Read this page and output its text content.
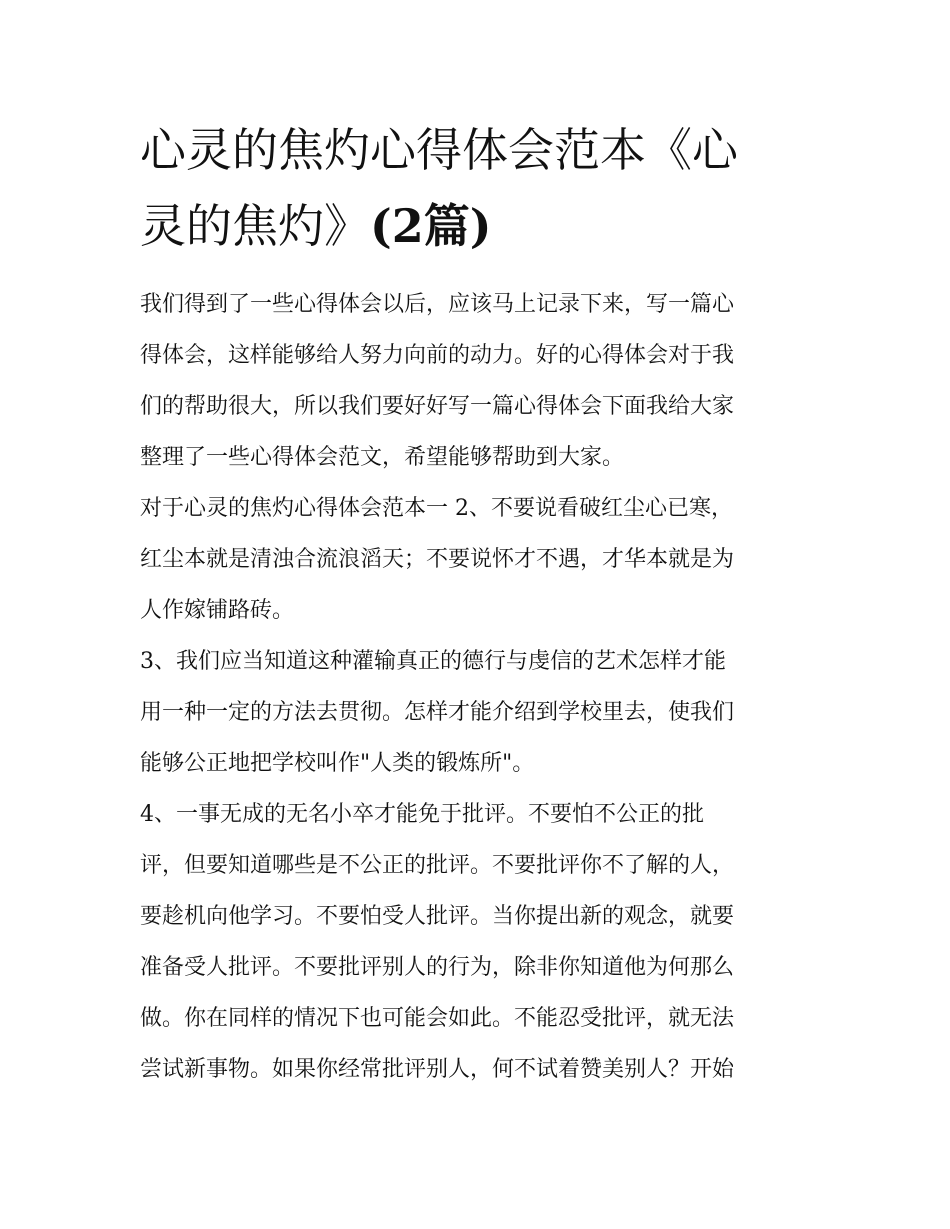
心灵的焦灼心得体会范本《心
灵的焦灼》(2篇)
我们得到了一些心得体会以后，应该马上记录下来，写一篇心
得体会，这样能够给人努力向前的动力。好的心得体会对于我
们的帮助很大，所以我们要好好写一篇心得体会下面我给大家
整理了一些心得体会范文，希望能够帮助到大家。
对于心灵的焦灼心得体会范本一 2、不要说看破红尘心已寒，
红尘本就是清浊合流浪滔天；不要说怀才不遇，才华本就是为
人作嫁铺路砖。
3、我们应当知道这种灌输真正的德行与虔信的艺术怎样才能
用一种一定的方法去贯彻。怎样才能介绍到学校里去，使我们
能够公正地把学校叫作"人类的锻炼所"。
4、一事无成的无名小卒才能免于批评。不要怕不公正的批
评，但要知道哪些是不公正的批评。不要批评你不了解的人，
要趁机向他学习。不要怕受人批评。当你提出新的观念，就要
准备受人批评。不要批评别人的行为，除非你知道他为何那么
做。你在同样的情况下也可能会如此。不能忍受批评，就无法
尝试新事物。如果你经常批评别人，何不试着赞美别人？开始
